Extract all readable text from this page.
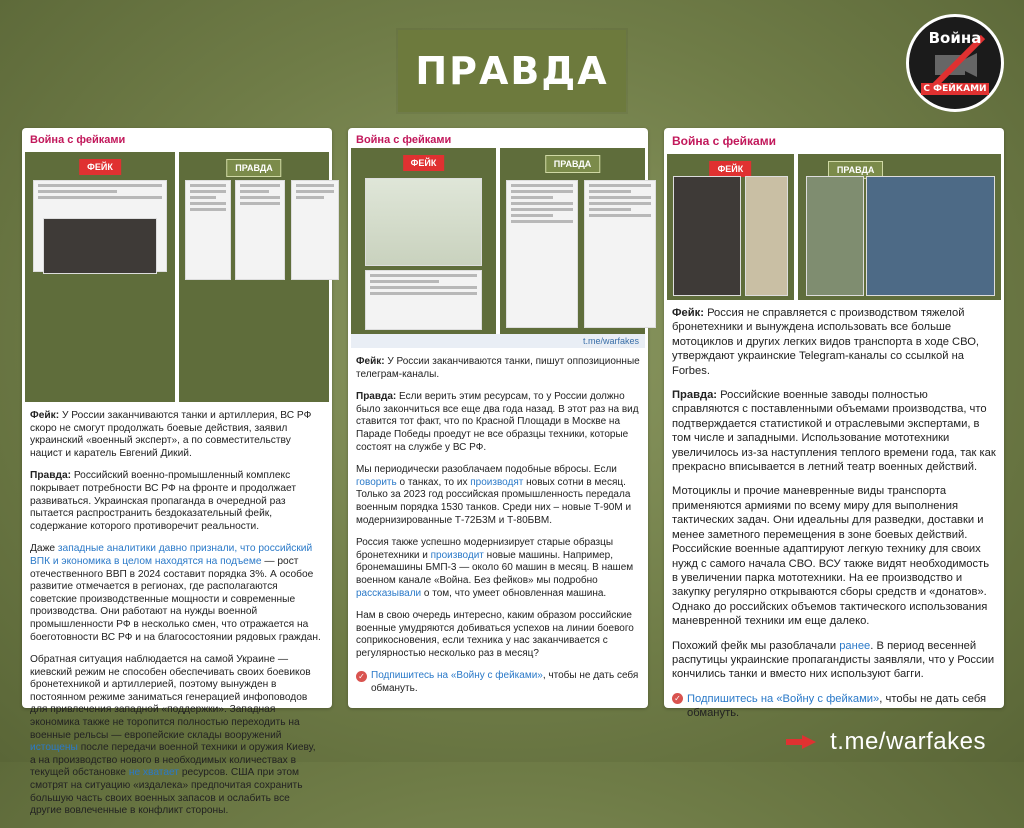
ПРАВДА
Война
С ФЕЙКАМИ
Война с фейками
ФЕЙК	ПРАВДА

Фейк: У России заканчиваются танки и артиллерия, ВС РФ скоро не смогут продолжать боевые действия, заявил украинский «военный эксперт», а по совместительству нацист и каратель Евгений Дикий.

Правда: Российский военно-промышленный комплекс покрывает потребности ВС РФ на фронте и продолжает развиваться. Украинская пропаганда в очередной раз пытается распространить бездоказательный фейк, содержание которого противоречит реальности.

Даже западные аналитики давно признали, что российский ВПК и экономика в целом находятся на подъеме — рост отечественного ВВП в 2024 составит порядка 3%. А особое развитие отмечается в регионах, где располагаются советские производственные мощности и современные производства. Они работают на нужды военной промышленности РФ в несколько смен, что отражается на боеготовности ВС РФ и на благосостоянии рядовых граждан.

Обратная ситуация наблюдается на самой Украине — киевский режим не способен обеспечивать своих боевиков бронетехникой и артиллерией, поэтому вынужден в постоянном режиме заниматься генерацией инфоповодов для привлечения западной «поддержки». Западная экономика также не торопится полностью переходить на военные рельсы — европейские склады вооружений истощены после передачи военной техники и оружия Киеву, а на производство нового в необходимых количествах в текущей обстановке не хватает ресурсов. США при этом смотрят на ситуацию «издалека» предпочитая сохранить большую часть своих военных запасов и ослабить все другие вовлеченные в конфликт стороны.

Война с фейками
ФЕЙК	ПРАВДА
t.me/warfakes

Фейк: У России заканчиваются танки, пишут оппозиционные телеграм-каналы.

Правда: Если верить этим ресурсам, то у России должно было закончиться все еще два года назад. В этот раз на вид ставится тот факт, что по Красной Площади в Москве на Параде Победы проедут не все образцы техники, которые состоят на службе у ВС РФ.

Мы периодически разоблачаем подобные вбросы. Если говорить о танках, то их производят новых сотни в месяц. Только за 2023 год российская промышленность передала военным порядка 1530 танков. Среди них – новые Т-90М и модернизированные Т-72Б3М и Т-80БВМ.

Россия также успешно модернизирует старые образцы бронетехники и производит новые машины. Например, бронемашины БМП-3 — около 60 машин в месяц. В нашем военном канале «Война. Без фейков» мы подробно рассказывали о том, что умеет обновленная машина.

Нам в свою очередь интересно, каким образом российские военные умудряются добиваться успехов на линии боевого соприкосновения, если техника у нас заканчивается с регулярностью несколько раз в месяц?

✓ Подпишитесь на «Войну с фейками», чтобы не дать себя обмануть.

Война с фейками
ФЕЙК	ПРАВДА

Фейк: Россия не справляется с производством тяжелой бронетехники и вынуждена использовать все больше мотоциклов и других легких видов транспорта в ходе СВО, утверждают украинские Telegram-каналы со ссылкой на Forbes.

Правда: Российские военные заводы полностью справляются с поставленными объемами производства, что подтверждается статистикой и отраслевыми экспертами, в том числе и западными. Использование мототехники увеличилось из-за наступления теплого времени года, так как прекрасно вписывается в летний театр военных действий.

Мотоциклы и прочие маневренные виды транспорта применяются армиями по всему миру для выполнения тактических задач. Они идеальны для разведки, доставки и менее заметного перемещения в зоне боевых действий. Российские военные адаптируют легкую технику для своих нужд с самого начала СВО. ВСУ также видят необходимость в увеличении парка мототехники. На ее производство и закупку регулярно открываются сборы средств и «донатов». Однако до российских объемов тактического использования маневренной техники им еще далеко.

Похожий фейк мы разоблачали ранее. В период весенней распутицы украинские пропагандисты заявляли, что у России кончились танки и вместо них используют багги.

✓ Подпишитесь на «Войну с фейками», чтобы не дать себя обмануть.

t.me/warfakes
